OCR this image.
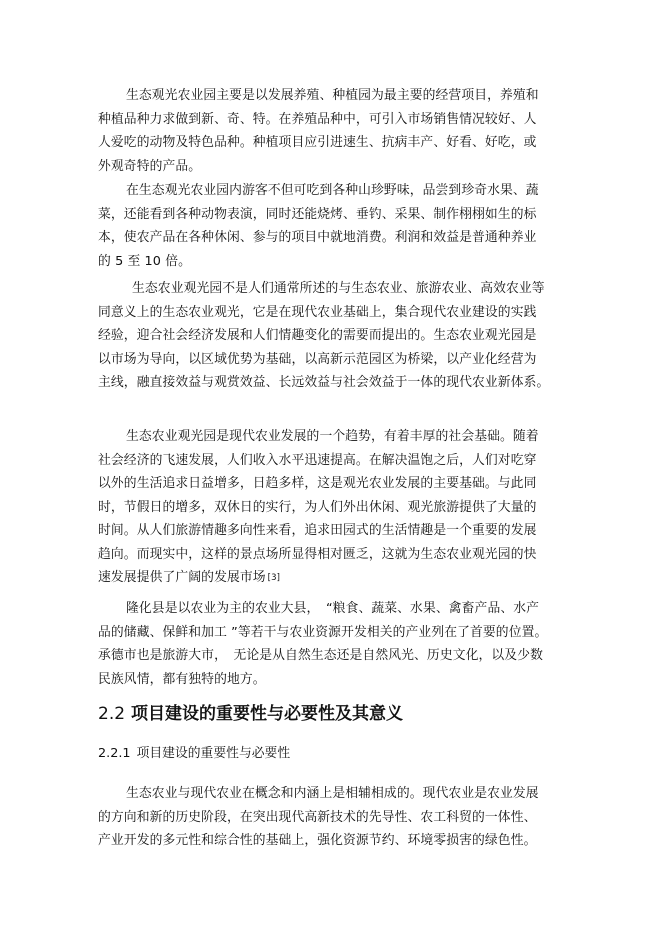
生态观光农业园主要是以发展养殖、种植园为最主要的经营项目，养殖和
种植品种力求做到新、奇、特。在养殖品种中，可引入市场销售情况较好、人
人爱吃的动物及特色品种。种植项目应引进速生、抗病丰产、好看、好吃，或
外观奇特的产品。
在生态观光农业园内游客不但可吃到各种山珍野味，品尝到珍奇水果、蔬
菜，还能看到各种动物表演，同时还能烧烤、垂钓、采果、制作栩栩如生的标
本，使农产品在各种休闲、参与的项目中就地消费。利润和效益是普通种养业
的 5 至 10 倍。
生态农业观光园不是人们通常所述的与生态农业、旅游农业、高效农业等
同意义上的生态农业观光，它是在现代农业基础上，集合现代农业建设的实践
经验，迎合社会经济发展和人们情趣变化的需要而提出的。生态农业观光园是
以市场为导向，以区域优势为基础，以高新示范园区为桥梁，以产业化经营为
主线，融直接效益与观赏效益、长远效益与社会效益于一体的现代农业新体系。
生态农业观光园是现代农业发展的一个趋势，有着丰厚的社会基础。随着
社会经济的飞速发展，人们收入水平迅速提高。在解决温饱之后，人们对吃穿
以外的生活追求日益增多，日趋多样，这是观光农业发展的主要基础。与此同
时，节假日的增多，双休日的实行，为人们外出休闲、观光旅游提供了大量的
时间。从人们旅游情趣多向性来看，追求田园式的生活情趣是一个重要的发展
趋向。而现实中，这样的景点场所显得相对匮乏，这就为生态农业观光园的快
速发展提供了广阔的发展市场 [3]
隆化县是以农业为主的农业大县，　“粮食、蔬菜、水果、禽畜产品、水产
品的储藏、保鲜和加工 ”等若干与农业资源开发相关的产业列在了首要的位置。
承德市也是旅游大市，　无论是从自然生态还是自然风光、历史文化，以及少数
民族风情，都有独特的地方。
2.2 项目建设的重要性与必要性及其意义
2.2.1 项目建设的重要性与必要性
生态农业与现代农业在概念和内涵上是相辅相成的。现代农业是农业发展
的方向和新的历史阶段，在突出现代高新技术的先导性、农工科贸的一体性、
产业开发的多元性和综合性的基础上，强化资源节约、环境零损害的绿色性。
